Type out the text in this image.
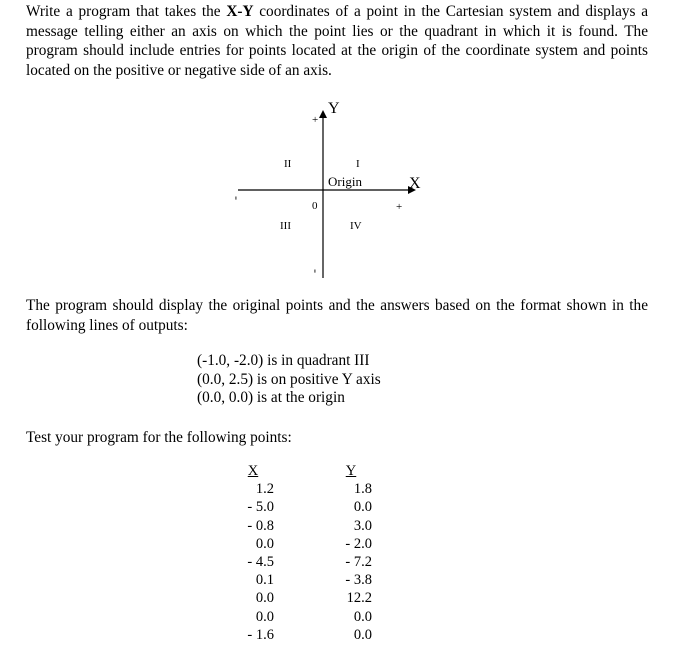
Write a program that takes the X-Y coordinates of a point in the Cartesian system and displays a message telling either an axis on which the point lies or the quadrant in which it is found. The program should include entries for points located at the origin of the coordinate system and points located on the positive or negative side of an axis.
Y
+
X
+
-
-
0
Origin
I
II
III	IV
The program should display the original points and the answers based on the format shown in the following lines of outputs:
(-1.0, -2.0) is in quadrant III
(0.0, 2.5) is on positive Y axis
(0.0, 0.0) is at the origin
Test your program for the following points:
X
1.2
- 5.0
- 0.8
0.0
- 4.5
0.1
0.0
0.0
- 1.6
Y
1.8
0.0
3.0
- 2.0
- 7.2
- 3.8
12.2
0.0
0.0
